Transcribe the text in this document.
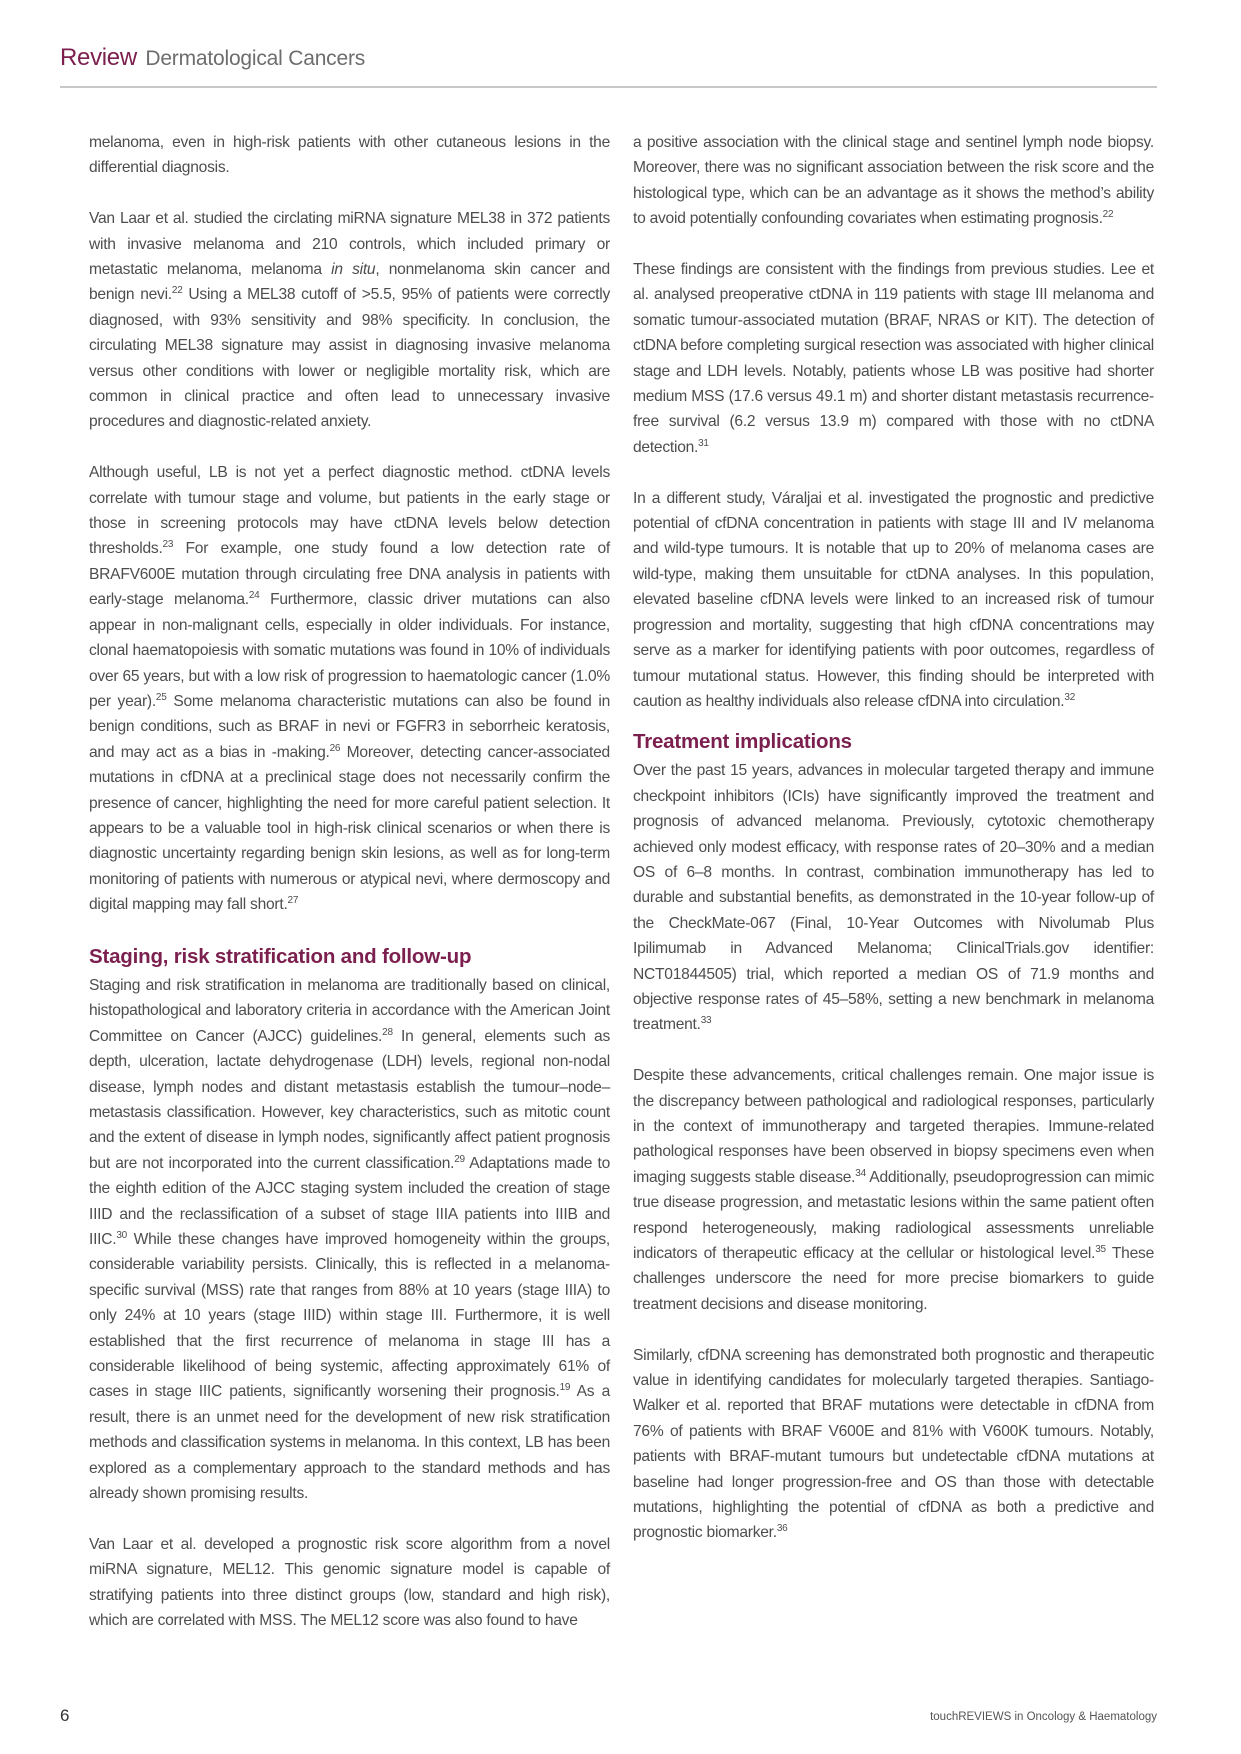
Review Dermatological Cancers

melanoma, even in high-risk patients with other cutaneous lesions in the differential diagnosis.

Van Laar et al. studied the circlating miRNA signature MEL38 in 372 patients with invasive melanoma and 210 controls, which included primary or metastatic melanoma, melanoma in situ, nonmelanoma skin cancer and benign nevi.$^{22}$ Using a MEL38 cutoff of >5.5, 95% of patients were correctly diagnosed, with 93% sensitivity and 98% specificity. In conclusion, the circulating MEL38 signature may assist in diagnosing invasive melanoma versus other conditions with lower or negligible mortality risk, which are common in clinical practice and often lead to unnecessary invasive procedures and diagnostic-related anxiety.

Although useful, LB is not yet a perfect diagnostic method. ctDNA levels correlate with tumour stage and volume, but patients in the early stage or those in screening protocols may have ctDNA levels below detection thresholds.$^{23}$ For example, one study found a low detection rate of BRAFV600E mutation through circulating free DNA analysis in patients with early-stage melanoma.$^{24}$ Furthermore, classic driver mutations can also appear in non-malignant cells, especially in older individuals. For instance, clonal haematopoiesis with somatic mutations was found in 10% of individuals over 65 years, but with a low risk of progression to haematologic cancer (1.0% per year).$^{25}$ Some melanoma characteristic mutations can also be found in benign conditions, such as BRAF in nevi or FGFR3 in seborrheic keratosis, and may act as a bias in -making.$^{26}$ Moreover, detecting cancer-associated mutations in cfDNA at a preclinical stage does not necessarily confirm the presence of cancer, highlighting the need for more careful patient selection. It appears to be a valuable tool in high-risk clinical scenarios or when there is diagnostic uncertainty regarding benign skin lesions, as well as for long-term monitoring of patients with numerous or atypical nevi, where dermoscopy and digital mapping may fall short.$^{27}$

Staging, risk stratification and follow-up

Staging and risk stratification in melanoma are traditionally based on clinical, histopathological and laboratory criteria in accordance with the American Joint Committee on Cancer (AJCC) guidelines.$^{28}$ In general, elements such as depth, ulceration, lactate dehydrogenase (LDH) levels, regional non-nodal disease, lymph nodes and distant metastasis establish the tumour–node–metastasis classification. However, key characteristics, such as mitotic count and the extent of disease in lymph nodes, significantly affect patient prognosis but are not incorporated into the current classification.$^{29}$ Adaptations made to the eighth edition of the AJCC staging system included the creation of stage IIID and the reclassification of a subset of stage IIIA patients into IIIB and IIIC.$^{30}$ While these changes have improved homogeneity within the groups, considerable variability persists. Clinically, this is reflected in a melanoma-specific survival (MSS) rate that ranges from 88% at 10 years (stage IIIA) to only 24% at 10 years (stage IIID) within stage III. Furthermore, it is well established that the first recurrence of melanoma in stage III has a considerable likelihood of being systemic, affecting approximately 61% of cases in stage IIIC patients, significantly worsening their prognosis.$^{19}$ As a result, there is an unmet need for the development of new risk stratification methods and classification systems in melanoma. In this context, LB has been explored as a complementary approach to the standard methods and has already shown promising results.

Van Laar et al. developed a prognostic risk score algorithm from a novel miRNA signature, MEL12. This genomic signature model is capable of stratifying patients into three distinct groups (low, standard and high risk), which are correlated with MSS. The MEL12 score was also found to have

a positive association with the clinical stage and sentinel lymph node biopsy. Moreover, there was no significant association between the risk score and the histological type, which can be an advantage as it shows the method’s ability to avoid potentially confounding covariates when estimating prognosis.$^{22}$

These findings are consistent with the findings from previous studies. Lee et al. analysed preoperative ctDNA in 119 patients with stage III melanoma and somatic tumour-associated mutation (BRAF, NRAS or KIT). The detection of ctDNA before completing surgical resection was associated with higher clinical stage and LDH levels. Notably, patients whose LB was positive had shorter medium MSS (17.6 versus 49.1 m) and shorter distant metastasis recurrence-free survival (6.2 versus 13.9 m) compared with those with no ctDNA detection.$^{31}$

In a different study, Váraljai et al. investigated the prognostic and predictive potential of cfDNA concentration in patients with stage III and IV melanoma and wild-type tumours. It is notable that up to 20% of melanoma cases are wild-type, making them unsuitable for ctDNA analyses. In this population, elevated baseline cfDNA levels were linked to an increased risk of tumour progression and mortality, suggesting that high cfDNA concentrations may serve as a marker for identifying patients with poor outcomes, regardless of tumour mutational status. However, this finding should be interpreted with caution as healthy individuals also release cfDNA into circulation.$^{32}$

Treatment implications

Over the past 15 years, advances in molecular targeted therapy and immune checkpoint inhibitors (ICIs) have significantly improved the treatment and prognosis of advanced melanoma. Previously, cytotoxic chemotherapy achieved only modest efficacy, with response rates of 20–30% and a median OS of 6–8 months. In contrast, combination immunotherapy has led to durable and substantial benefits, as demonstrated in the 10-year follow-up of the CheckMate-067 (Final, 10-Year Outcomes with Nivolumab Plus Ipilimumab in Advanced Melanoma; ClinicalTrials.gov identifier: NCT01844505) trial, which reported a median OS of 71.9 months and objective response rates of 45–58%, setting a new benchmark in melanoma treatment.$^{33}$

Despite these advancements, critical challenges remain. One major issue is the discrepancy between pathological and radiological responses, particularly in the context of immunotherapy and targeted therapies. Immune-related pathological responses have been observed in biopsy specimens even when imaging suggests stable disease.$^{34}$ Additionally, pseudoprogression can mimic true disease progression, and metastatic lesions within the same patient often respond heterogeneously, making radiological assessments unreliable indicators of therapeutic efficacy at the cellular or histological level.$^{35}$ These challenges underscore the need for more precise biomarkers to guide treatment decisions and disease monitoring.

Similarly, cfDNA screening has demonstrated both prognostic and therapeutic value in identifying candidates for molecularly targeted therapies. Santiago-Walker et al. reported that BRAF mutations were detectable in cfDNA from 76% of patients with BRAF V600E and 81% with V600K tumours. Notably, patients with BRAF-mutant tumours but undetectable cfDNA mutations at baseline had longer progression-free and OS than those with detectable mutations, highlighting the potential of cfDNA as both a predictive and prognostic biomarker.$^{36}$

6	touchREVIEWS in Oncology & Haematology
